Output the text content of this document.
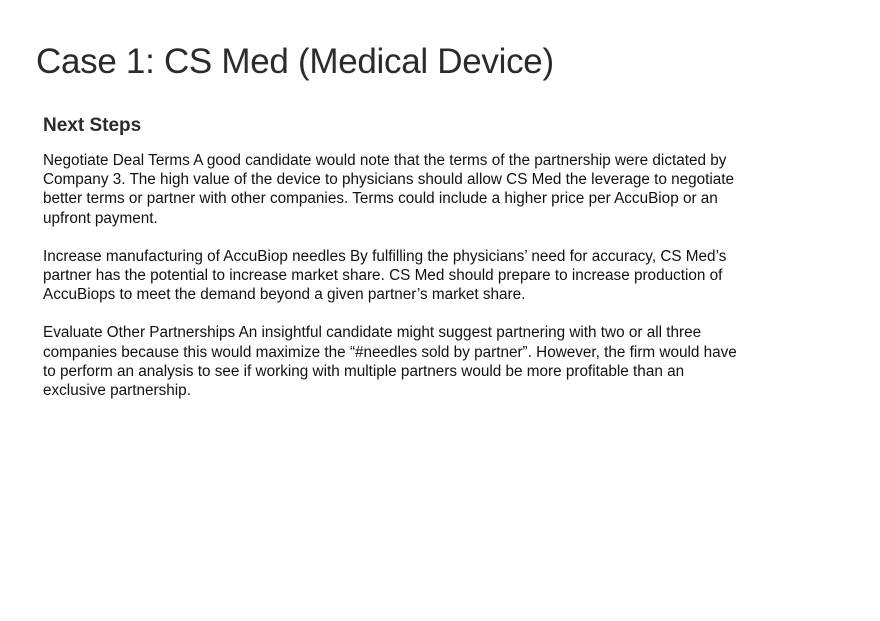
Case 1: CS Med (Medical Device)
Next Steps

Negotiate Deal Terms A good candidate would note that the terms of the partnership were dictated by Company 3. The high value of the device to physicians should allow CS Med the leverage to negotiate better terms or partner with other companies. Terms could include a higher price per AccuBiop or an upfront payment.

Increase manufacturing of AccuBiop needles By fulfilling the physicians’ need for accuracy, CS Med’s partner has the potential to increase market share. CS Med should prepare to increase production of AccuBiops to meet the demand beyond a given partner’s market share.

Evaluate Other Partnerships An insightful candidate might suggest partnering with two or all three companies because this would maximize the “#needles sold by partner”. However, the firm would have to perform an analysis to see if working with multiple partners would be more profitable than an exclusive partnership.
